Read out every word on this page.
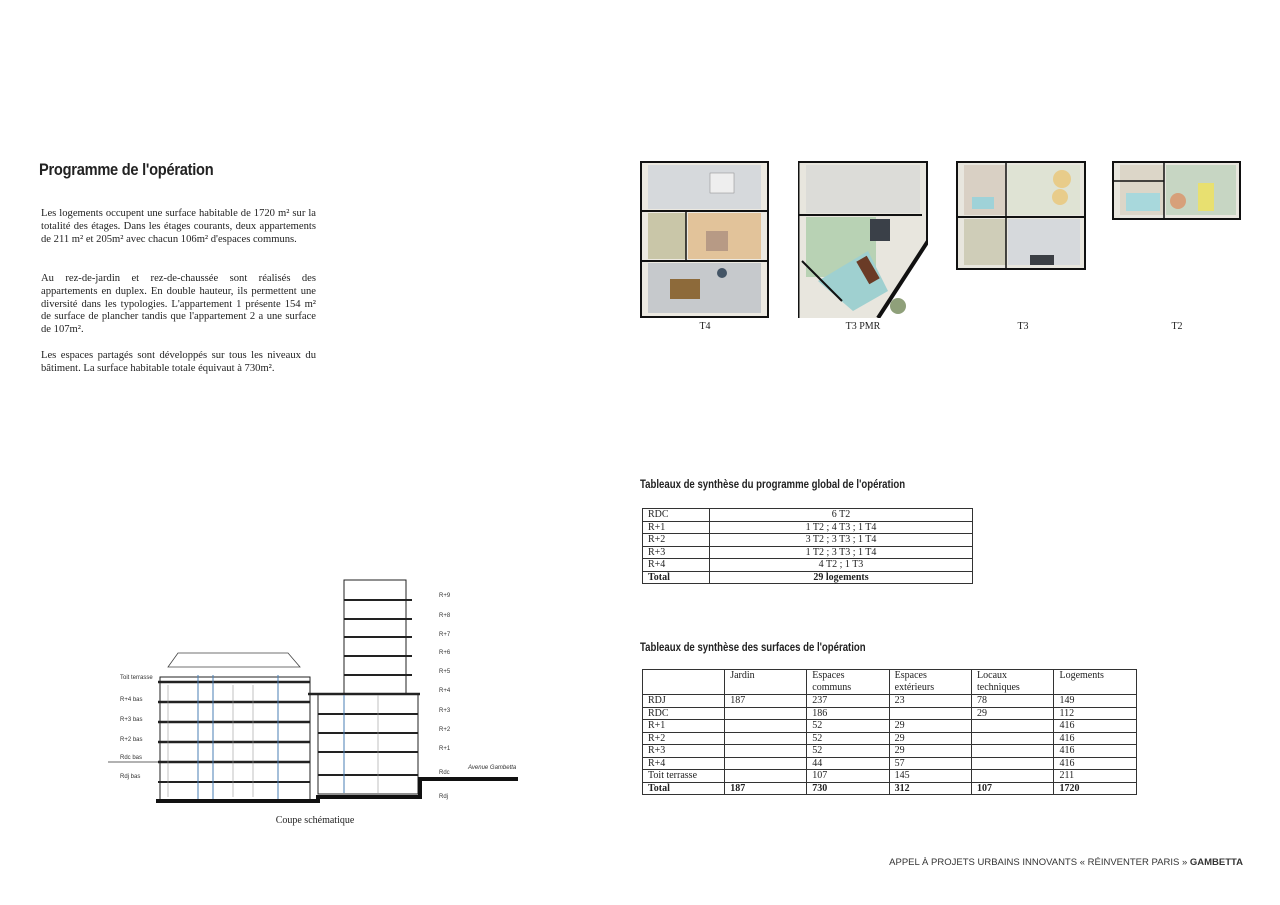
Programme de l'opération

Les logements occupent une surface habitable de 1720 m² sur la totalité des étages. Dans les étages courants, deux appartements de 211 m² et 205m² avec chacun 106m² d'espaces communs.

Au rez-de-jardin et rez-de-chaussée sont réalisés des appartements en duplex. En double hauteur, ils permettent une diversité dans les typologies. L'appartement 1 présente 154 m² de surface de plancher tandis que l'appartement 2 a une surface de 107m².

Les espaces partagés sont développés sur tous les niveaux du bâtiment. La surface habitable totale équivaut à 730m².

T4	T3 PMR	T3	T2
Tableaux de synthèse du programme global de l'opération
RDC	6 T2
R+1	1 T2 ; 4 T3 ; 1 T4
R+2	3 T2 ; 3 T3 ; 1 T4
R+3	1 T2 ; 3 T3 ; 1 T4
R+4	4 T2 ; 1 T3
Total	29 logements
Tableaux de synthèse des surfaces de l'opération
	Jardin	Espaces communs	Espaces extérieurs	Locaux techniques	Logements
RDJ	187	237	23	78	149
RDC		186		29	112
R+1		52	29		416
R+2		52	29		416
R+3		52	29		416
R+4		44	57		416
Toit terrasse		107	145		211
Total	187	730	312	107	1720
Toit terrasse
R+4 bas
R+3 bas
R+2 bas
Rdc bas
Rdj bas
R+9
R+8
R+7
R+6
R+5
R+4
R+3
R+2
R+1
Rdc
Rdj
Avenue Gambetta
Coupe schématique
APPEL À PROJETS URBAINS INNOVANTS « RÉINVENTER PARIS » GAMBETTA
